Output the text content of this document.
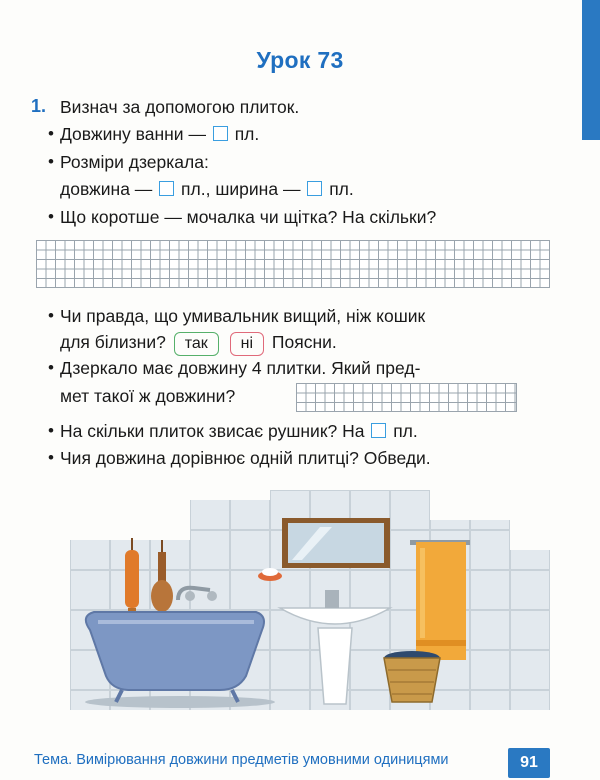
Урок 73
1. Визнач за допомогою плиток.
• Довжину ванни — пл.
• Розміри дзеркала:
довжина — пл., ширина — пл.
• Що коротше — мочалка чи щітка? На скільки?
• Чи правда, що умивальник вищий, ніж кошик
для білизни? так ні Поясни.
• Дзеркало має довжину 4 плитки. Який пред-
мет такої ж довжини?
• На скільки плиток звисає рушник? На пл.
• Чия довжина дорівнює одній плитці? Обведи.
Тема. Вимірювання довжини предметів умовними одиницями	91
